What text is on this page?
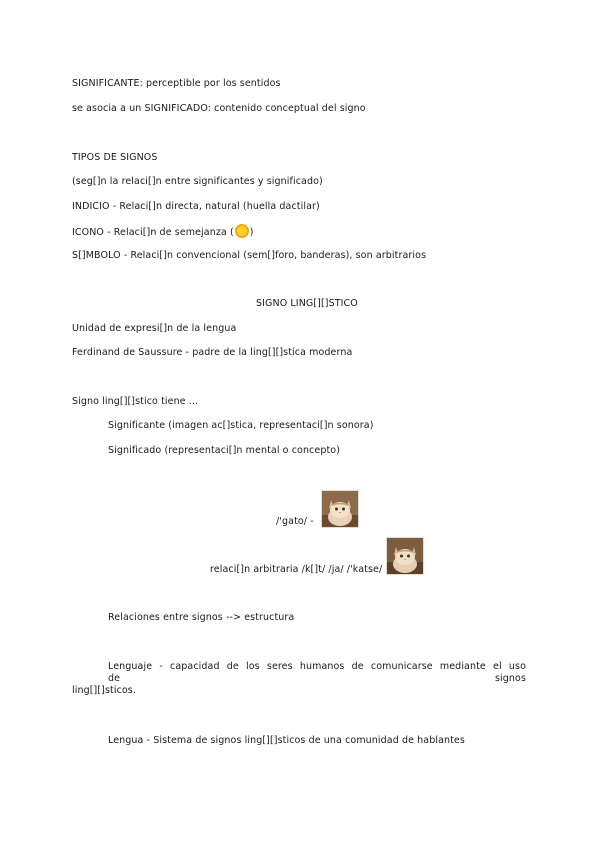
SIGNIFICANTE: perceptible por los sentidos
se asocia a un SIGNIFICADO: contenido conceptual del signo
TIPOS DE SIGNOS
(seg[]n la relaci[]n entre significantes y significado)
INDICIO - Relaci[]n directa, natural (huella dactilar)
ICONO - Relaci[]n de semejanza ( )
S[]MBOLO - Relaci[]n convencional (sem[]foro, banderas), son arbitrarios
SIGNO LING[][]STICO
Unidad de expresi[]n de la lengua
Ferdinand de Saussure - padre de la ling[][]stica moderna
Signo ling[][]stico tiene ...
Significante (imagen ac[]stica, representaci[]n sonora)
Significado (representaci[]n mental o concepto)
/'gato/ -
relaci[]n arbitraria /k[]t/ /ja/ /'katse/
Relaciones entre signos --> estructura
Lenguaje - capacidad de los seres humanos de comunicarse mediante el uso de signos
ling[][]sticos.
Lengua - Sistema de signos ling[][]sticos de una comunidad de hablantes
